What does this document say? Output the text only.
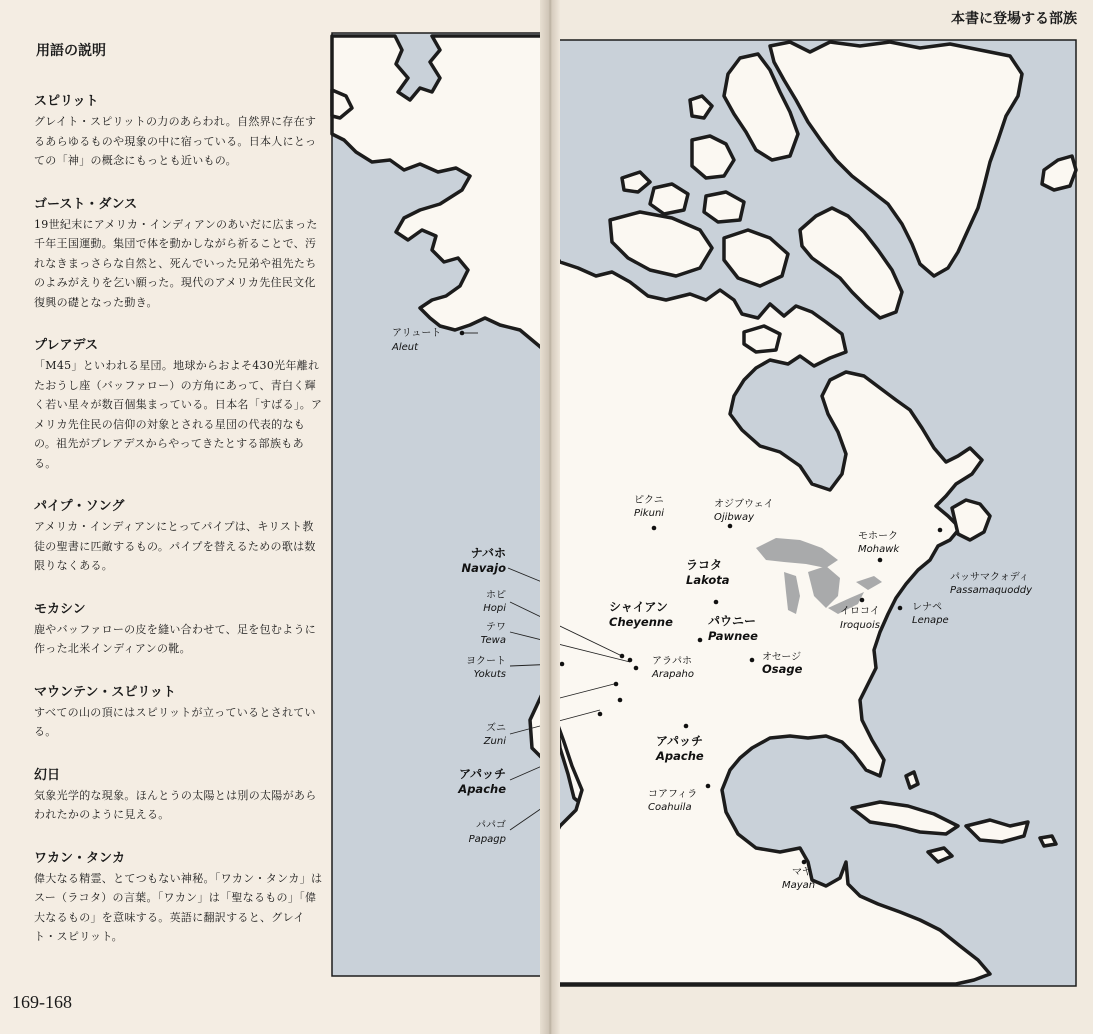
用語の説明
スピリット

グレイト・スピリットの力のあらわれ。自然界に存在するあらゆるものや現象の中に宿っている。日本人にとっての「神」の概念にもっとも近いもの。

ゴースト・ダンス

19世紀末にアメリカ・インディアンのあいだに広まった千年王国運動。集団で体を動かしながら祈ることで、汚れなきまっさらな自然と、死んでいった兄弟や祖先たちのよみがえりを乞い願った。現代のアメリカ先住民文化復興の礎となった動き。

プレアデス

「M45」といわれる星団。地球からおよそ430光年離れたおうし座（バッファロー）の方角にあって、青白く輝く若い星々が数百個集まっている。日本名「すばる」。アメリカ先住民の信仰の対象とされる星団の代表的なもの。祖先がプレアデスからやってきたとする部族もある。

パイプ・ソング

アメリカ・インディアンにとってパイプは、キリスト教徒の聖書に匹敵するもの。パイプを替えるための歌は数限りなくある。

モカシン

鹿やバッファローの皮を縫い合わせて、足を包むように作った北米インディアンの靴。

マウンテン・スピリット

すべての山の頂にはスピリットが立っているとされている。

幻日

気象光学的な現象。ほんとうの太陽とは別の太陽があらわれたかのように見える。

ワカン・タンカ

偉大なる精霊、とてつもない神秘。「ワカン・タンカ」はスー（ラコタ）の言葉。「ワカン」は「聖なるもの」「偉大なるもの」を意味する。英語に翻訳すると、グレイト・スピリット。

169-168
本書に登場する部族
アリュート
Aleut
ピクニ
Pikuni
オジブウェイ
Ojibway
モホーク
Mohawk
パッサマクォディ
Passamaquoddy
イロコイ
Iroquois
レナペ
Lenape
ラコタ
Lakota
シャイアン
Cheyenne	パウニー
Pawnee
アラパホ
Arapaho
オセージ
Osage
アパッチ
Apache
コアフィラ
Coahuila
マヤ
Mayan
ナバホ
Navajo
ホピ
Hopi
テワ
Tewa
ヨクート
Yokuts
ズニ
Zuni
アパッチ
Apache
パパゴ
Papagp
